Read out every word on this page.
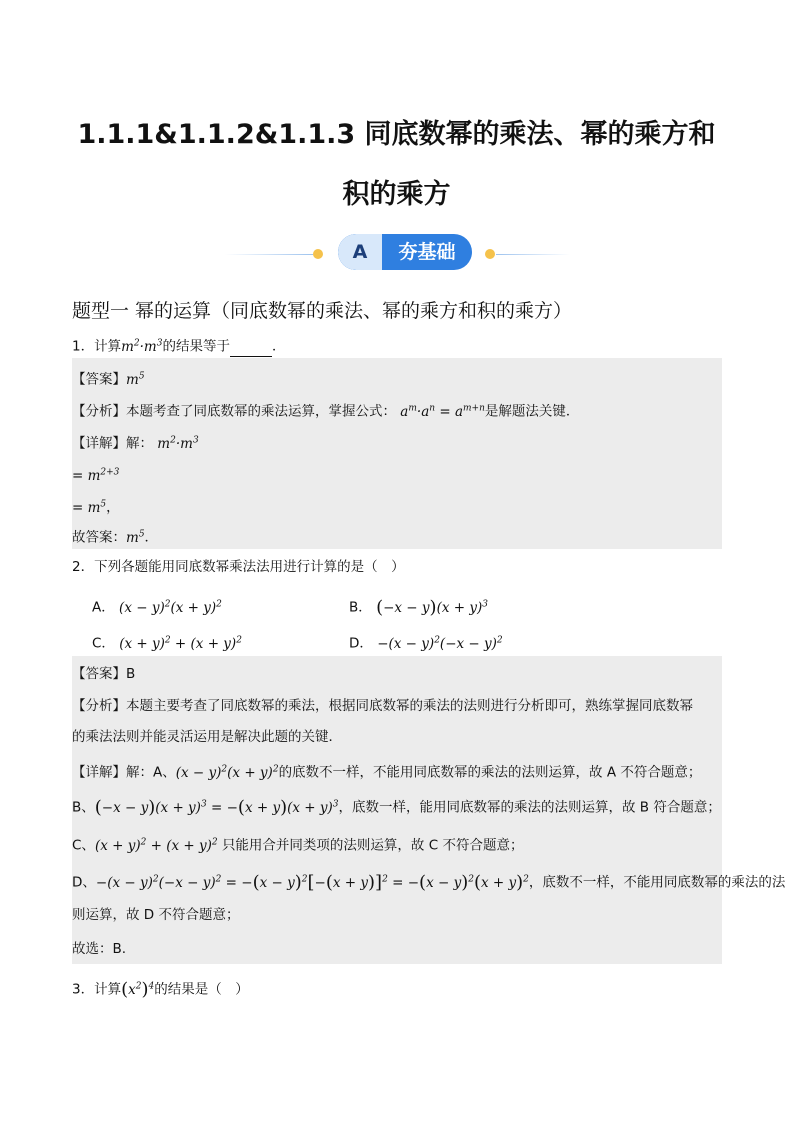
1.1.1&1.1.2&1.1.3 同底数幂的乘法、幂的乘方和
积的乘方
A	夯基础
题型一 幂的运算（同底数幂的乘法、幂的乘方和积的乘方）
1．计算$m^2\cdot m^3$的结果等于	．
【答案】$m^5$
【分析】本题考查了同底数幂的乘法运算，掌握公式： $a^m\cdot a^n = a^{m+n}$是解题法关键．
【详解】解： $m^2\cdot m^3$
= $m^{2+3}$
= $m^5$，
故答案：$m^5$．
2．下列各题能用同底数幂乘法法用进行计算的是（　）
A． $(x - y)^2(x + y)^2$	B． $(-x - y)(x + y)^3$
C． $(x + y)^2 + (x + y)^2$	D． $-(x - y)^2(-x - y)^2$
【答案】B
【分析】本题主要考查了同底数幂的乘法，根据同底数幂的乘法的法则进行分析即可，熟练掌握同底数幂
的乘法法则并能灵活运用是解决此题的关键．
【详解】解：A、$(x - y)^2(x + y)^2$的底数不一样，不能用同底数幂的乘法的法则运算，故 A 不符合题意；
B、$(-x - y)(x + y)^3 = -(x + y)(x + y)^3$，底数一样，能用同底数幂的乘法的法则运算，故 B 符合题意；
C、$(x + y)^2 + (x + y)^2$ 只能用合并同类项的法则运算，故 C 不符合题意；
D、$-(x - y)^2(-x - y)^2 = -(x - y)^2[-(x + y)]^2 = -(x - y)^2(x + y)^2$，底数不一样，不能用同底数幂的乘法的法
则运算，故 D 不符合题意；
故选：B.
3．计算$(x^2)^4$的结果是（　）
